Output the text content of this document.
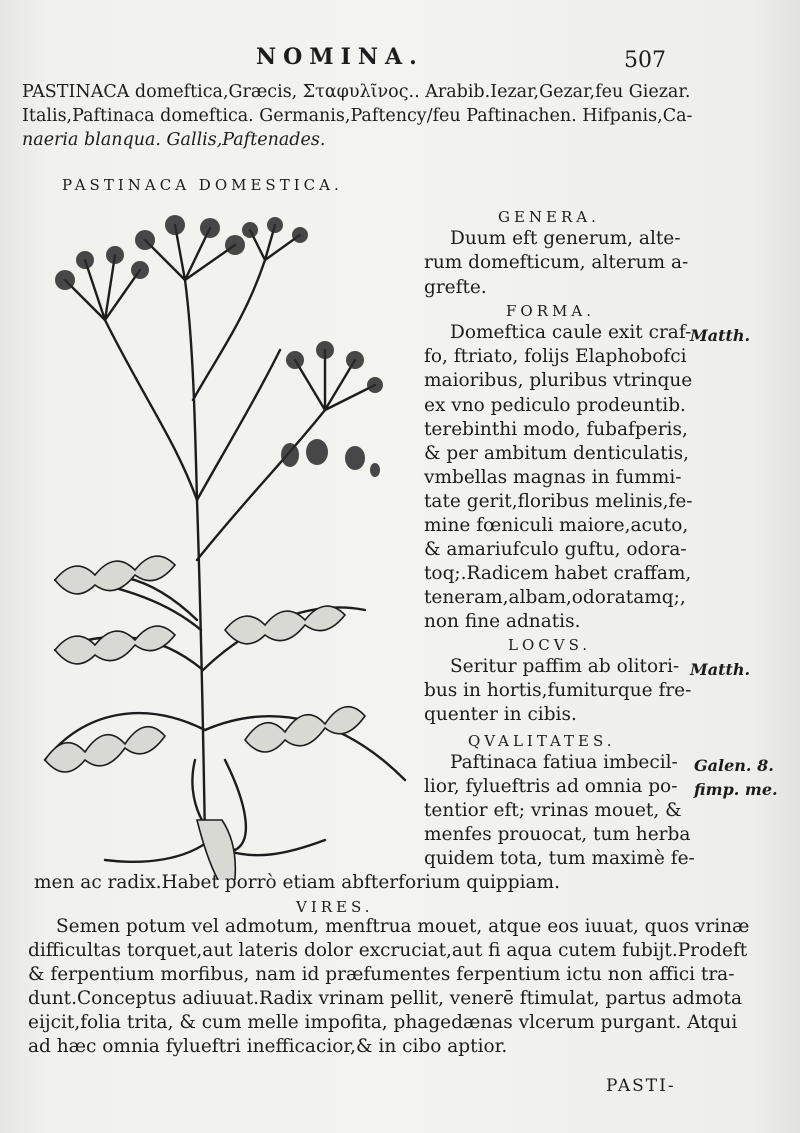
NOMINA.	507
PASTINACA domeftica,Græcis, Σταφυλῖνος.. Arabib.Iezar,Gezar,feu Giezar.
Italis,Paftinaca domeftica. Germanis,Paftency/feu Paftinachen. Hifpanis,Ca-
naeria blanqua. Gallis,Paftenades.
PASTINACA DOMESTICA.
GENERA.
Duum eft generum, alte-
rum domefticum, alterum a-
grefte.
FORMA.
Domeftica caule exit craf-
fo, ftriato, folijs Elaphobofci
maioribus, pluribus vtrinque
ex vno pediculo prodeuntib.
terebinthi modo, fubafperis,
& per ambitum denticulatis,
vmbellas magnas in fummi-
tate gerit,floribus melinis,fe-
mine fœniculi maiore,acuto,
& amariufculo guftu, odora-
toq;.Radicem habet craffam,
teneram,albam,odoratamq;,
non fine adnatis.
Matth.
LOCVS.
Seritur paffim ab olitori-
bus in hortis,fumiturque fre-
quenter in cibis.
Matth.
QVALITATES.
Paftinaca fatiua imbecil-
lior, fylueftris ad omnia po-
tentior eft; vrinas mouet, &
menfes prouocat, tum herba
quidem tota, tum maximè fe-
men ac radix.Habet porrò etiam abfterforium quippiam.
Galen. 8.
fimp. me.
VIRES.
Semen potum vel admotum, menftrua mouet, atque eos iuuat, quos vrinæ
difficultas torquet,aut lateris dolor excruciat,aut fi aqua cutem fubijt.Prodeft
& ferpentium morfibus, nam id præfumentes ferpentium ictu non affici tra-
dunt.Conceptus adiuuat.Radix vrinam pellit, venerē ftimulat, partus admota
eijcit,folia trita, & cum melle impofita, phagedænas vlcerum purgant. Atqui
ad hæc omnia fylueftri inefficacior,& in cibo aptior.
PASTI-
